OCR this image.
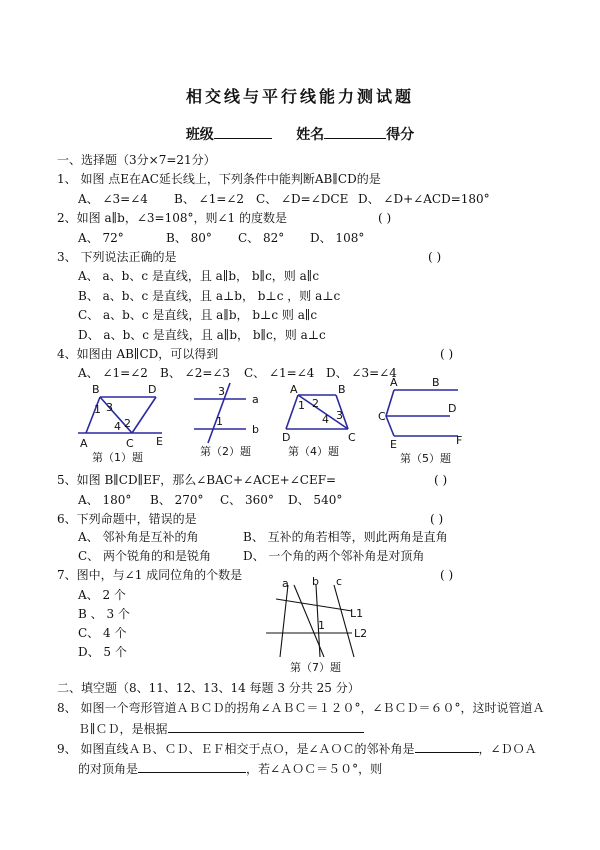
相交线与平行线能力测试题
班级	姓名	得分
一、选择题（3分×7=21分）
1、 如图 点E在AC延长线上，下列条件中能判断AB∥CD的是
A、 ∠3=∠4 B、 ∠1=∠2 C、 ∠D=∠DCE D、 ∠D+∠ACD=180°
2、如图 a∥b，∠3=108°，则∠1 的度数是	( )
A、 72°	B、 80° C、 82° D、 108°
3、 下列说法正确的是	( )
A、 a、b、c 是直线，且 a∥b， b∥c，则 a∥c
B、 a、b、c 是直线，且 a⊥b， b⊥c ，则 a⊥c
C、 a、b、c 是直线，且 a∥b， b⊥c 则 a∥c
D、 a、b、c 是直线，且 a∥b， b∥c，则 a⊥c
4、如图由 AB∥CD，可以得到	( )
A、 ∠1=∠2 B、 ∠2=∠3 C、 ∠1=∠4 D、 ∠3=∠4
B	D
1 3
4 2
A	C E
第（1）题
3
a
1
b
第（2）题
A	B
1 2
4 3
D	C
第（4）题
A	B
C
D
E	F
第（5）题
5、如图 B∥CD∥EF，那么∠BAC+∠ACE+∠CEF=	( )
A、 180° B、 270° C、 360° D、 540°
6、下列命题中，错误的是	( )
A、 邻补角是互补的角	B、 互补的角若相等，则此两角是直角
C、 两个锐角的和是锐角	D、 一个角的两个邻补角是对顶角
7、图中，与∠1 成同位角的个数是	( )
A、 2 个
B 、 3 个
C、 4 个
D、 5 个
a b c
L1
1
L2
第（7）题
二、填空题（8、11、12、13、14 每题 3 分共 25 分）
8、 如图一个弯形管道ＡＢＣＤ的拐角∠ＡＢＣ＝１２０°，∠ＢＣＤ＝６０°，这时说管道Ａ
Ｂ∥ＣＤ，是根据
9、 如图直线ＡＢ、ＣＤ、ＥＦ相交于点Ｏ，是∠ＡＯＣ的邻补角是	，∠ＤＯＡ
的对顶角是	，若∠ＡＯＣ＝５０°，则
